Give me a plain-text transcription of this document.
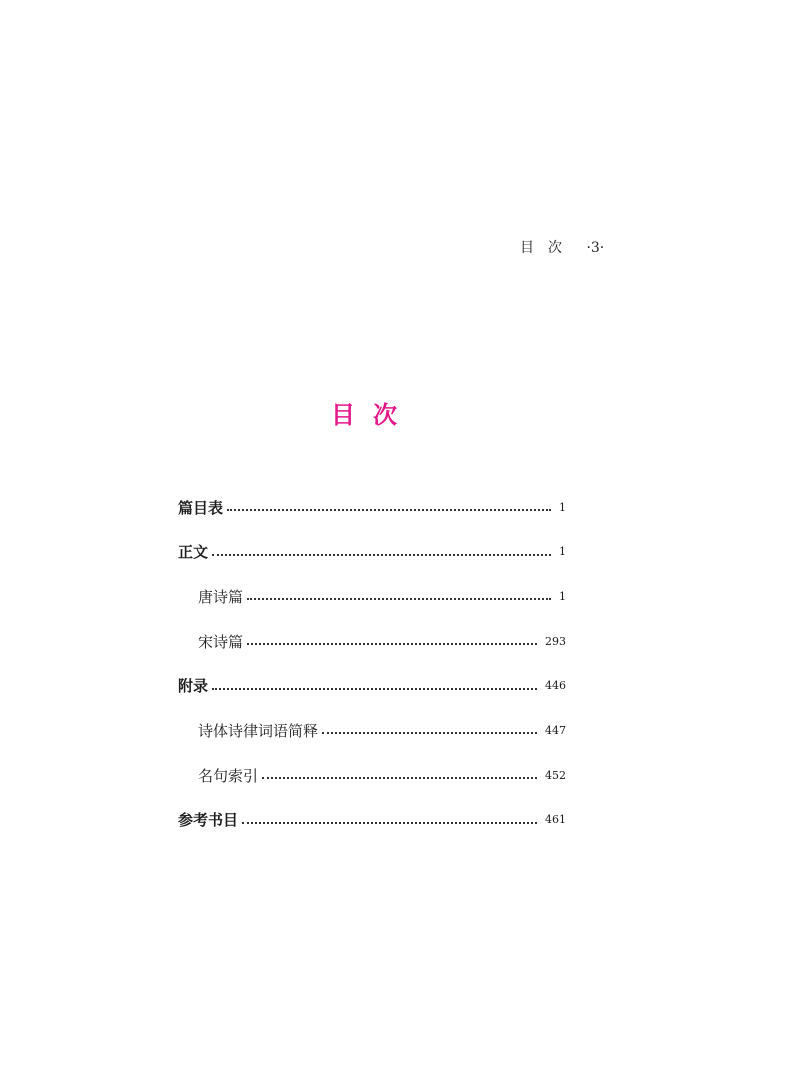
目次 ·3·
目次
篇目表	1
正文	1
唐诗篇	1
宋诗篇	293
附录	446
诗体诗律词语简释	447
名句索引	452
参考书目	461
